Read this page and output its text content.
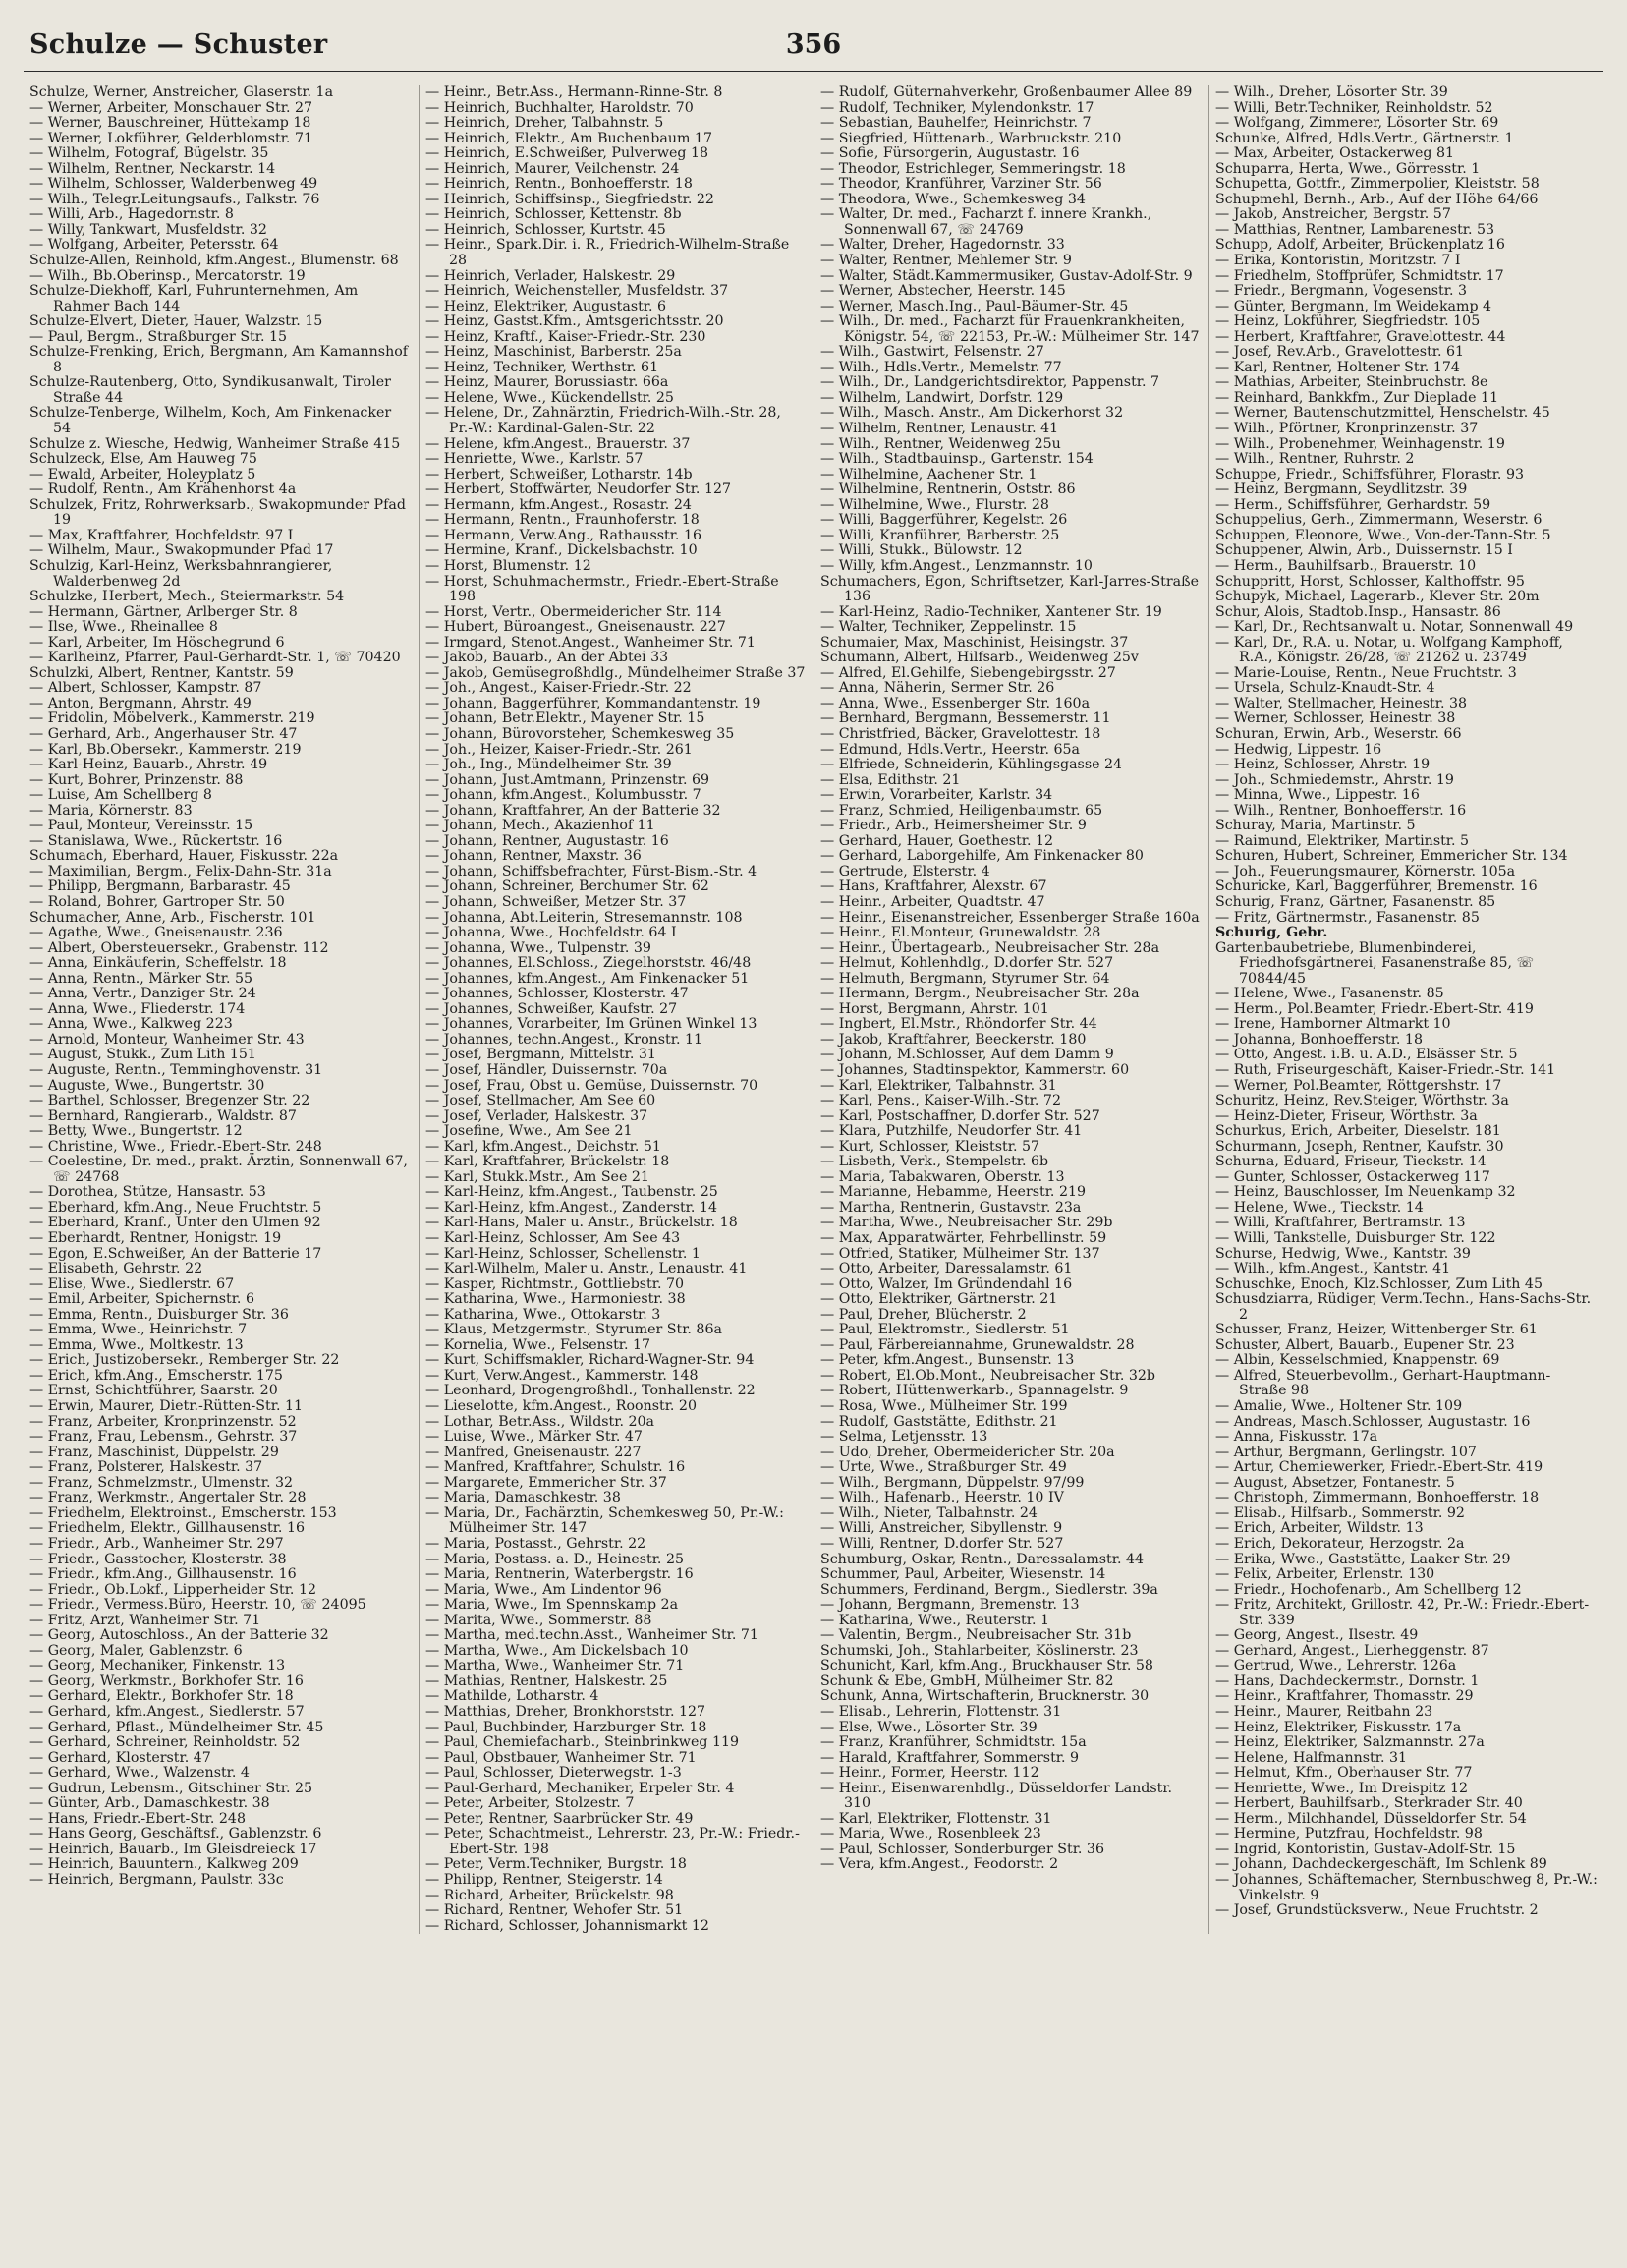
Schulze — Schuster	356
Schulze, Werner, Anstreicher, Glaserstr. 1a
— Werner, Arbeiter, Monschauer Str. 27
— Werner, Bauschreiner, Hüttekamp 18
— Werner, Lokführer, Gelderblomstr. 71
— Wilhelm, Fotograf, Bügelstr. 35
— Wilhelm, Rentner, Neckarstr. 14
— Wilhelm, Schlosser, Walderbenweg 49
— Wilh., Telegr.Leitungsaufs., Falkstr. 76
— Willi, Arb., Hagedornstr. 8
— Willy, Tankwart, Musfeldstr. 32
— Wolfgang, Arbeiter, Petersstr. 64
Schulze-Allen, Reinhold, kfm.Angest., Blumenstr. 68
— Wilh., Bb.Oberinsp., Mercatorstr. 19
Schulze-Diekhoff, Karl, Fuhrunternehmen, Am Rahmer Bach 144
Schulze-Elvert, Dieter, Hauer, Walzstr. 15
— Paul, Bergm., Straßburger Str. 15
Schulze-Frenking, Erich, Bergmann, Am Kamannshof 8
Schulze-Rautenberg, Otto, Syndikusanwalt, Tiroler Straße 44
Schulze-Tenberge, Wilhelm, Koch, Am Finkenacker 54
Schulze z. Wiesche, Hedwig, Wanheimer Straße 415
Schulzeck, Else, Am Hauweg 75
— Ewald, Arbeiter, Holeyplatz 5
— Rudolf, Rentn., Am Krähenhorst 4a
Schulzek, Fritz, Rohrwerksarb., Swakopmunder Pfad 19
— Max, Kraftfahrer, Hochfeldstr. 97 I
— Wilhelm, Maur., Swakopmunder Pfad 17
Schulzig, Karl-Heinz, Werksbahnrangierer, Walderbenweg 2d
Schulzke, Herbert, Mech., Steiermarkstr. 54
— Hermann, Gärtner, Arlberger Str. 8
— Ilse, Wwe., Rheinallee 8
— Karl, Arbeiter, Im Höschegrund 6
— Karlheinz, Pfarrer, Paul-Gerhardt-Str. 1, ☏ 70420
Schulzki, Albert, Rentner, Kantstr. 59
— Albert, Schlosser, Kampstr. 87
— Anton, Bergmann, Ahrstr. 49
— Fridolin, Möbelverk., Kammerstr. 219
— Gerhard, Arb., Angerhauser Str. 47
— Karl, Bb.Obersekr., Kammerstr. 219
— Karl-Heinz, Bauarb., Ahrstr. 49
— Kurt, Bohrer, Prinzenstr. 88
— Luise, Am Schellberg 8
— Maria, Körnerstr. 83
— Paul, Monteur, Vereinsstr. 15
— Stanislawa, Wwe., Rückertstr. 16
Schumach, Eberhard, Hauer, Fiskusstr. 22a
— Maximilian, Bergm., Felix-Dahn-Str. 31a
— Philipp, Bergmann, Barbarastr. 45
— Roland, Bohrer, Gartroper Str. 50
Schumacher, Anne, Arb., Fischerstr. 101
— Agathe, Wwe., Gneisenaustr. 236
— Albert, Obersteuersekr., Grabenstr. 112
— Anna, Einkäuferin, Scheffelstr. 18
— Anna, Rentn., Märker Str. 55
— Anna, Vertr., Danziger Str. 24
— Anna, Wwe., Fliederstr. 174
— Anna, Wwe., Kalkweg 223
— Arnold, Monteur, Wanheimer Str. 43
— August, Stukk., Zum Lith 151
— Auguste, Rentn., Temminghovenstr. 31
— Auguste, Wwe., Bungertstr. 30
— Barthel, Schlosser, Bregenzer Str. 22
— Bernhard, Rangierarb., Waldstr. 87
— Betty, Wwe., Bungertstr. 12
— Christine, Wwe., Friedr.-Ebert-Str. 248
— Coelestine, Dr. med., prakt. Ärztin, Sonnenwall 67, ☏ 24768
— Dorothea, Stütze, Hansastr. 53
— Eberhard, kfm.Ang., Neue Fruchtstr. 5
— Eberhard, Kranf., Unter den Ulmen 92
— Eberhardt, Rentner, Honigstr. 19
— Egon, E.Schweißer, An der Batterie 17
— Elisabeth, Gehrstr. 22
— Elise, Wwe., Siedlerstr. 67
— Emil, Arbeiter, Spichernstr. 6
— Emma, Rentn., Duisburger Str. 36
— Emma, Wwe., Heinrichstr. 7
— Emma, Wwe., Moltkestr. 13
— Erich, Justizobersekr., Remberger Str. 22
— Erich, kfm.Ang., Emscherstr. 175
— Ernst, Schichtführer, Saarstr. 20
— Erwin, Maurer, Dietr.-Rütten-Str. 11
— Franz, Arbeiter, Kronprinzenstr. 52
— Franz, Frau, Lebensm., Gehrstr. 37
— Franz, Maschinist, Düppelstr. 29
— Franz, Polsterer, Halskestr. 37
— Franz, Schmelzmstr., Ulmenstr. 32
— Franz, Werkmstr., Angertaler Str. 28
— Friedhelm, Elektroinst., Emscherstr. 153
— Friedhelm, Elektr., Gillhausenstr. 16
— Friedr., Arb., Wanheimer Str. 297
— Friedr., Gasstocher, Klosterstr. 38
— Friedr., kfm.Ang., Gillhausenstr. 16
— Friedr., Ob.Lokf., Lipperheider Str. 12
— Friedr., Vermess.Büro, Heerstr. 10, ☏ 24095
— Fritz, Arzt, Wanheimer Str. 71
— Georg, Autoschloss., An der Batterie 32
— Georg, Maler, Gablenzstr. 6
— Georg, Mechaniker, Finkenstr. 13
— Georg, Werkmstr., Borkhofer Str. 16
— Gerhard, Elektr., Borkhofer Str. 18
— Gerhard, kfm.Angest., Siedlerstr. 57
— Gerhard, Pflast., Mündelheimer Str. 45
— Gerhard, Schreiner, Reinholdstr. 52
— Gerhard, Klosterstr. 47
— Gerhard, Wwe., Walzenstr. 4
— Gudrun, Lebensm., Gitschiner Str. 25
— Günter, Arb., Damaschkestr. 38
— Hans, Friedr.-Ebert-Str. 248
— Hans Georg, Geschäftsf., Gablenzstr. 6
— Heinrich, Bauarb., Im Gleisdreieck 17
— Heinrich, Bauuntern., Kalkweg 209
— Heinrich, Bergmann, Paulstr. 33c
— Heinr., Betr.Ass., Hermann-Rinne-Str. 8
— Heinrich, Buchhalter, Haroldstr. 70
— Heinrich, Dreher, Talbahnstr. 5
— Heinrich, Elektr., Am Buchenbaum 17
— Heinrich, E.Schweißer, Pulverweg 18
— Heinrich, Maurer, Veilchenstr. 24
— Heinrich, Rentn., Bonhoefferstr. 18
— Heinrich, Schiffsinsp., Siegfriedstr. 22
— Heinrich, Schlosser, Kettenstr. 8b
— Heinrich, Schlosser, Kurtstr. 45
— Heinr., Spark.Dir. i. R., Friedrich-Wilhelm-Straße 28
— Heinrich, Verlader, Halskestr. 29
— Heinrich, Weichensteller, Musfeldstr. 37
— Heinz, Elektriker, Augustastr. 6
— Heinz, Gastst.Kfm., Amtsgerichtsstr. 20
— Heinz, Kraftf., Kaiser-Friedr.-Str. 230
— Heinz, Maschinist, Barberstr. 25a
— Heinz, Techniker, Werthstr. 61
— Heinz, Maurer, Borussiastr. 66a
— Helene, Wwe., Kückendellstr. 25
— Helene, Dr., Zahnärztin, Friedrich-Wilh.-Str. 28, Pr.-W.: Kardinal-Galen-Str. 22
— Helene, kfm.Angest., Brauerstr. 37
— Henriette, Wwe., Karlstr. 57
— Herbert, Schweißer, Lotharstr. 14b
— Herbert, Stoffwärter, Neudorfer Str. 127
— Hermann, kfm.Angest., Rosastr. 24
— Hermann, Rentn., Fraunhoferstr. 18
— Hermann, Verw.Ang., Rathausstr. 16
— Hermine, Kranf., Dickelsbachstr. 10
— Horst, Blumenstr. 12
— Horst, Schuhmachermstr., Friedr.-Ebert-Straße 198
— Horst, Vertr., Obermeidericher Str. 114
— Hubert, Büroangest., Gneisenaustr. 227
— Irmgard, Stenot.Angest., Wanheimer Str. 71
— Jakob, Bauarb., An der Abtei 33
— Jakob, Gemüsegroßhdlg., Mündelheimer Straße 37
— Joh., Angest., Kaiser-Friedr.-Str. 22
— Johann, Baggerführer, Kommandantenstr. 19
— Johann, Betr.Elektr., Mayener Str. 15
— Johann, Bürovorsteher, Schemkesweg 35
— Joh., Heizer, Kaiser-Friedr.-Str. 261
— Joh., Ing., Mündelheimer Str. 39
— Johann, Just.Amtmann, Prinzenstr. 69
— Johann, kfm.Angest., Kolumbusstr. 7
— Johann, Kraftfahrer, An der Batterie 32
— Johann, Mech., Akazienhof 11
— Johann, Rentner, Augustastr. 16
— Johann, Rentner, Maxstr. 36
— Johann, Schiffsbefrachter, Fürst-Bism.-Str. 4
— Johann, Schreiner, Berchumer Str. 62
— Johann, Schweißer, Metzer Str. 37
— Johanna, Abt.Leiterin, Stresemannstr. 108
— Johanna, Wwe., Hochfeldstr. 64 I
— Johanna, Wwe., Tulpenstr. 39
— Johannes, El.Schloss., Ziegelhorststr. 46/48
— Johannes, kfm.Angest., Am Finkenacker 51
— Johannes, Schlosser, Klosterstr. 47
— Johannes, Schweißer, Kaufstr. 27
— Johannes, Vorarbeiter, Im Grünen Winkel 13
— Johannes, techn.Angest., Kronstr. 11
— Josef, Bergmann, Mittelstr. 31
— Josef, Händler, Duissernstr. 70a
— Josef, Frau, Obst u. Gemüse, Duissernstr. 70
— Josef, Stellmacher, Am See 60
— Josef, Verlader, Halskestr. 37
— Josefine, Wwe., Am See 21
— Karl, kfm.Angest., Deichstr. 51
— Karl, Kraftfahrer, Brückelstr. 18
— Karl, Stukk.Mstr., Am See 21
— Karl-Heinz, kfm.Angest., Taubenstr. 25
— Karl-Heinz, kfm.Angest., Zanderstr. 14
— Karl-Hans, Maler u. Anstr., Brückelstr. 18
— Karl-Heinz, Schlosser, Am See 43
— Karl-Heinz, Schlosser, Schellenstr. 1
— Karl-Wilhelm, Maler u. Anstr., Lenaustr. 41
— Kasper, Richtmstr., Gottliebstr. 70
— Katharina, Wwe., Harmoniestr. 38
— Katharina, Wwe., Ottokarstr. 3
— Klaus, Metzgermstr., Styrumer Str. 86a
— Kornelia, Wwe., Felsenstr. 17
— Kurt, Schiffsmakler, Richard-Wagner-Str. 94
— Kurt, Verw.Angest., Kammerstr. 148
— Leonhard, Drogengroßhdl., Tonhallenstr. 22
— Lieselotte, kfm.Angest., Roonstr. 20
— Lothar, Betr.Ass., Wildstr. 20a
— Luise, Wwe., Märker Str. 47
— Manfred, Gneisenaustr. 227
— Manfred, Kraftfahrer, Schulstr. 16
— Margarete, Emmericher Str. 37
— Maria, Damaschkestr. 38
— Maria, Dr., Fachärztin, Schemkesweg 50, Pr.-W.: Mülheimer Str. 147
— Maria, Postasst., Gehrstr. 22
— Maria, Postass. a. D., Heinestr. 25
— Maria, Rentnerin, Waterbergstr. 16
— Maria, Wwe., Am Lindentor 96
— Maria, Wwe., Im Spennskamp 2a
— Marita, Wwe., Sommerstr. 88
— Martha, med.techn.Asst., Wanheimer Str. 71
— Martha, Wwe., Am Dickelsbach 10
— Martha, Wwe., Wanheimer Str. 71
— Mathias, Rentner, Halskestr. 25
— Mathilde, Lotharstr. 4
— Matthias, Dreher, Bronkhorststr. 127
— Paul, Buchbinder, Harzburger Str. 18
— Paul, Chemiefacharb., Steinbrinkweg 119
— Paul, Obstbauer, Wanheimer Str. 71
— Paul, Schlosser, Dieterwegstr. 1-3
— Paul-Gerhard, Mechaniker, Erpeler Str. 4
— Peter, Arbeiter, Stolzestr. 7
— Peter, Rentner, Saarbrücker Str. 49
— Peter, Schachtmeist., Lehrerstr. 23, Pr.-W.: Friedr.-Ebert-Str. 198
— Peter, Verm.Techniker, Burgstr. 18
— Philipp, Rentner, Steigerstr. 14
— Richard, Arbeiter, Brückelstr. 98
— Richard, Rentner, Wehofer Str. 51
— Richard, Schlosser, Johannismarkt 12
— Rudolf, Güternahverkehr, Großenbaumer Allee 89
— Rudolf, Techniker, Mylendonkstr. 17
— Sebastian, Bauhelfer, Heinrichstr. 7
— Siegfried, Hüttenarb., Warbruckstr. 210
— Sofie, Fürsorgerin, Augustastr. 16
— Theodor, Estrichleger, Semmeringstr. 18
— Theodor, Kranführer, Varziner Str. 56
— Theodora, Wwe., Schemkesweg 34
— Walter, Dr. med., Facharzt f. innere Krankh., Sonnenwall 67, ☏ 24769
— Walter, Dreher, Hagedornstr. 33
— Walter, Rentner, Mehlemer Str. 9
— Walter, Städt.Kammermusiker, Gustav-Adolf-Str. 9
— Werner, Abstecher, Heerstr. 145
— Werner, Masch.Ing., Paul-Bäumer-Str. 45
— Wilh., Dr. med., Facharzt für Frauenkrankheiten, Königstr. 54, ☏ 22153, Pr.-W.: Mülheimer Str. 147
— Wilh., Gastwirt, Felsenstr. 27
— Wilh., Hdls.Vertr., Memelstr. 77
— Wilh., Dr., Landgerichtsdirektor, Pappenstr. 7
— Wilhelm, Landwirt, Dorfstr. 129
— Wilh., Masch. Anstr., Am Dickerhorst 32
— Wilhelm, Rentner, Lenaustr. 41
— Wilh., Rentner, Weidenweg 25u
— Wilh., Stadtbauinsp., Gartenstr. 154
— Wilhelmine, Aachener Str. 1
— Wilhelmine, Rentnerin, Oststr. 86
— Wilhelmine, Wwe., Flurstr. 28
— Willi, Baggerführer, Kegelstr. 26
— Willi, Kranführer, Barberstr. 25
— Willi, Stukk., Bülowstr. 12
— Willy, kfm.Angest., Lenzmannstr. 10
Schumachers, Egon, Schriftsetzer, Karl-Jarres-Straße 136
— Karl-Heinz, Radio-Techniker, Xantener Str. 19
— Walter, Techniker, Zeppelinstr. 15
Schumaier, Max, Maschinist, Heisingstr. 37
Schumann, Albert, Hilfsarb., Weidenweg 25v
— Alfred, El.Gehilfe, Siebengebirgsstr. 27
— Anna, Näherin, Sermer Str. 26
— Anna, Wwe., Essenberger Str. 160a
— Bernhard, Bergmann, Bessemerstr. 11
— Christfried, Bäcker, Gravelottestr. 18
— Edmund, Hdls.Vertr., Heerstr. 65a
— Elfriede, Schneiderin, Kühlingsgasse 24
— Elsa, Edithstr. 21
— Erwin, Vorarbeiter, Karlstr. 34
— Franz, Schmied, Heiligenbaumstr. 65
— Friedr., Arb., Heimersheimer Str. 9
— Gerhard, Hauer, Goethestr. 12
— Gerhard, Laborgehilfe, Am Finkenacker 80
— Gertrude, Elsterstr. 4
— Hans, Kraftfahrer, Alexstr. 67
— Heinr., Arbeiter, Quadtstr. 47
— Heinr., Eisenanstreicher, Essenberger Straße 160a
— Heinr., El.Monteur, Grunewaldstr. 28
— Heinr., Übertagearb., Neubreisacher Str. 28a
— Helmut, Kohlenhdlg., D.dorfer Str. 527
— Helmuth, Bergmann, Styrumer Str. 64
— Hermann, Bergm., Neubreisacher Str. 28a
— Horst, Bergmann, Ahrstr. 101
— Ingbert, El.Mstr., Rhöndorfer Str. 44
— Jakob, Kraftfahrer, Beeckerstr. 180
— Johann, M.Schlosser, Auf dem Damm 9
— Johannes, Stadtinspektor, Kammerstr. 60
— Karl, Elektriker, Talbahnstr. 31
— Karl, Pens., Kaiser-Wilh.-Str. 72
— Karl, Postschaffner, D.dorfer Str. 527
— Klara, Putzhilfe, Neudorfer Str. 41
— Kurt, Schlosser, Kleiststr. 57
— Lisbeth, Verk., Stempelstr. 6b
— Maria, Tabakwaren, Oberstr. 13
— Marianne, Hebamme, Heerstr. 219
— Martha, Rentnerin, Gustavstr. 23a
— Martha, Wwe., Neubreisacher Str. 29b
— Max, Apparatwärter, Fehrbellinstr. 59
— Otfried, Statiker, Mülheimer Str. 137
— Otto, Arbeiter, Daressalamstr. 61
— Otto, Walzer, Im Gründendahl 16
— Otto, Elektriker, Gärtnerstr. 21
— Paul, Dreher, Blücherstr. 2
— Paul, Elektromstr., Siedlerstr. 51
— Paul, Färbereiannahme, Grunewaldstr. 28
— Peter, kfm.Angest., Bunsenstr. 13
— Robert, El.Ob.Mont., Neubreisacher Str. 32b
— Robert, Hüttenwerkarb., Spannagelstr. 9
— Rosa, Wwe., Mülheimer Str. 199
— Rudolf, Gaststätte, Edithstr. 21
— Selma, Letjensstr. 13
— Udo, Dreher, Obermeidericher Str. 20a
— Urte, Wwe., Straßburger Str. 49
— Wilh., Bergmann, Düppelstr. 97/99
— Wilh., Hafenarb., Heerstr. 10 IV
— Wilh., Nieter, Talbahnstr. 24
— Willi, Anstreicher, Sibyllenstr. 9
— Willi, Rentner, D.dorfer Str. 527
Schumburg, Oskar, Rentn., Daressalamstr. 44
Schummer, Paul, Arbeiter, Wiesenstr. 14
Schummers, Ferdinand, Bergm., Siedlerstr. 39a
— Johann, Bergmann, Bremenstr. 13
— Katharina, Wwe., Reuterstr. 1
— Valentin, Bergm., Neubreisacher Str. 31b
Schumski, Joh., Stahlarbeiter, Köslinerstr. 23
Schunicht, Karl, kfm.Ang., Bruckhauser Str. 58
Schunk & Ebe, GmbH, Mülheimer Str. 82
Schunk, Anna, Wirtschafterin, Brucknerstr. 30
— Elisab., Lehrerin, Flottenstr. 31
— Else, Wwe., Lösorter Str. 39
— Franz, Kranführer, Schmidtstr. 15a
— Harald, Kraftfahrer, Sommerstr. 9
— Heinr., Former, Heerstr. 112
— Heinr., Eisenwarenhdlg., Düsseldorfer Landstr. 310
— Karl, Elektriker, Flottenstr. 31
— Maria, Wwe., Rosenbleek 23
— Paul, Schlosser, Sonderburger Str. 36
— Vera, kfm.Angest., Feodorstr. 2
— Wilh., Dreher, Lösorter Str. 39
— Willi, Betr.Techniker, Reinholdstr. 52
— Wolfgang, Zimmerer, Lösorter Str. 69
Schunke, Alfred, Hdls.Vertr., Gärtnerstr. 1
— Max, Arbeiter, Ostackerweg 81
Schuparra, Herta, Wwe., Görresstr. 1
Schupetta, Gottfr., Zimmerpolier, Kleiststr. 58
Schupmehl, Bernh., Arb., Auf der Höhe 64/66
— Jakob, Anstreicher, Bergstr. 57
— Matthias, Rentner, Lambarenestr. 53
Schupp, Adolf, Arbeiter, Brückenplatz 16
— Erika, Kontoristin, Moritzstr. 7 I
— Friedhelm, Stoffprüfer, Schmidtstr. 17
— Friedr., Bergmann, Vogesenstr. 3
— Günter, Bergmann, Im Weidekamp 4
— Heinz, Lokführer, Siegfriedstr. 105
— Herbert, Kraftfahrer, Gravelottestr. 44
— Josef, Rev.Arb., Gravelottestr. 61
— Karl, Rentner, Holtener Str. 174
— Mathias, Arbeiter, Steinbruchstr. 8e
— Reinhard, Bankkfm., Zur Dieplade 11
— Werner, Bautenschutzmittel, Henschelstr. 45
— Wilh., Pförtner, Kronprinzenstr. 37
— Wilh., Probenehmer, Weinhagenstr. 19
— Wilh., Rentner, Ruhrstr. 2
Schuppe, Friedr., Schiffsführer, Florastr. 93
— Heinz, Bergmann, Seydlitzstr. 39
— Herm., Schiffsführer, Gerhardstr. 59
Schuppelius, Gerh., Zimmermann, Weserstr. 6
Schuppen, Eleonore, Wwe., Von-der-Tann-Str. 5
Schuppener, Alwin, Arb., Duissernstr. 15 I
— Herm., Bauhilfsarb., Brauerstr. 10
Schuppritt, Horst, Schlosser, Kalthoffstr. 95
Schupyk, Michael, Lagerarb., Klever Str. 20m
Schur, Alois, Stadtob.Insp., Hansastr. 86
— Karl, Dr., Rechtsanwalt u. Notar, Sonnenwall 49
— Karl, Dr., R.A. u. Notar, u. Wolfgang Kamphoff, R.A., Königstr. 26/28, ☏ 21262 u. 23749
— Marie-Louise, Rentn., Neue Fruchtstr. 3
— Ursela, Schulz-Knaudt-Str. 4
— Walter, Stellmacher, Heinestr. 38
— Werner, Schlosser, Heinestr. 38
Schuran, Erwin, Arb., Weserstr. 66
— Hedwig, Lippestr. 16
— Heinz, Schlosser, Ahrstr. 19
— Joh., Schmiedemstr., Ahrstr. 19
— Minna, Wwe., Lippestr. 16
— Wilh., Rentner, Bonhoefferstr. 16
Schuray, Maria, Martinstr. 5
— Raimund, Elektriker, Martinstr. 5
Schuren, Hubert, Schreiner, Emmericher Str. 134
— Joh., Feuerungsmaurer, Körnerstr. 105a
Schuricke, Karl, Baggerführer, Bremenstr. 16
Schurig, Franz, Gärtner, Fasanenstr. 85
— Fritz, Gärtnermstr., Fasanenstr. 85
Schurig, Gebr.
Gartenbaubetriebe, Blumenbinderei, Friedhofsgärtnerei, Fasanenstraße 85, ☏ 70844/45
— Helene, Wwe., Fasanenstr. 85
— Herm., Pol.Beamter, Friedr.-Ebert-Str. 419
— Irene, Hamborner Altmarkt 10
— Johanna, Bonhoefferstr. 18
— Otto, Angest. i.B. u. A.D., Elsässer Str. 5
— Ruth, Friseurgeschäft, Kaiser-Friedr.-Str. 141
— Werner, Pol.Beamter, Röttgershstr. 17
Schuritz, Heinz, Rev.Steiger, Wörthstr. 3a
— Heinz-Dieter, Friseur, Wörthstr. 3a
Schurkus, Erich, Arbeiter, Dieselstr. 181
Schurmann, Joseph, Rentner, Kaufstr. 30
Schurna, Eduard, Friseur, Tieckstr. 14
— Gunter, Schlosser, Ostackerweg 117
— Heinz, Bauschlosser, Im Neuenkamp 32
— Helene, Wwe., Tieckstr. 14
— Willi, Kraftfahrer, Bertramstr. 13
— Willi, Tankstelle, Duisburger Str. 122
Schurse, Hedwig, Wwe., Kantstr. 39
— Wilh., kfm.Angest., Kantstr. 41
Schuschke, Enoch, Klz.Schlosser, Zum Lith 45
Schusdziarra, Rüdiger, Verm.Techn., Hans-Sachs-Str. 2
Schusser, Franz, Heizer, Wittenberger Str. 61
Schuster, Albert, Bauarb., Eupener Str. 23
— Albin, Kesselschmied, Knappenstr. 69
— Alfred, Steuerbevollm., Gerhart-Hauptmann-Straße 98
— Amalie, Wwe., Holtener Str. 109
— Andreas, Masch.Schlosser, Augustastr. 16
— Anna, Fiskusstr. 17a
— Arthur, Bergmann, Gerlingstr. 107
— Artur, Chemiewerker, Friedr.-Ebert-Str. 419
— August, Absetzer, Fontanestr. 5
— Christoph, Zimmermann, Bonhoefferstr. 18
— Elisab., Hilfsarb., Sommerstr. 92
— Erich, Arbeiter, Wildstr. 13
— Erich, Dekorateur, Herzogstr. 2a
— Erika, Wwe., Gaststätte, Laaker Str. 29
— Felix, Arbeiter, Erlenstr. 130
— Friedr., Hochofenarb., Am Schellberg 12
— Fritz, Architekt, Grillostr. 42, Pr.-W.: Friedr.-Ebert-Str. 339
— Georg, Angest., Ilsestr. 49
— Gerhard, Angest., Lierheggenstr. 87
— Gertrud, Wwe., Lehrerstr. 126a
— Hans, Dachdeckermstr., Dornstr. 1
— Heinr., Kraftfahrer, Thomasstr. 29
— Heinr., Maurer, Reitbahn 23
— Heinz, Elektriker, Fiskusstr. 17a
— Heinz, Elektriker, Salzmannstr. 27a
— Helene, Halfmannstr. 31
— Helmut, Kfm., Oberhauser Str. 77
— Henriette, Wwe., Im Dreispitz 12
— Herbert, Bauhilfsarb., Sterkrader Str. 40
— Herm., Milchhandel, Düsseldorfer Str. 54
— Hermine, Putzfrau, Hochfeldstr. 98
— Ingrid, Kontoristin, Gustav-Adolf-Str. 15
— Johann, Dachdeckergeschäft, Im Schlenk 89
— Johannes, Schäftemacher, Sternbuschweg 8, Pr.-W.: Vinkelstr. 9
— Josef, Grundstücksverw., Neue Fruchtstr. 2
